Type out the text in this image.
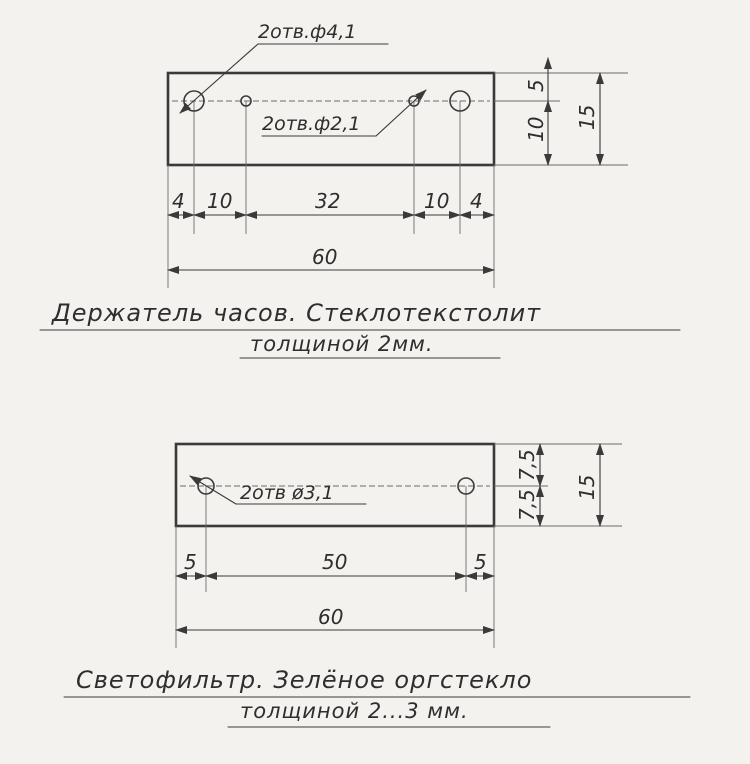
2отв.ф4,1
2отв.ф2,1
5
10 15
4 10	32	10 4
60
Держатель часов. Стеклотекстолит
толщиной 2мм.
2отв ø3,1
7,5
7,5
15
5	50	5
60
Светофильтр. Зелёное оргстекло
толщиной 2...3 мм.
